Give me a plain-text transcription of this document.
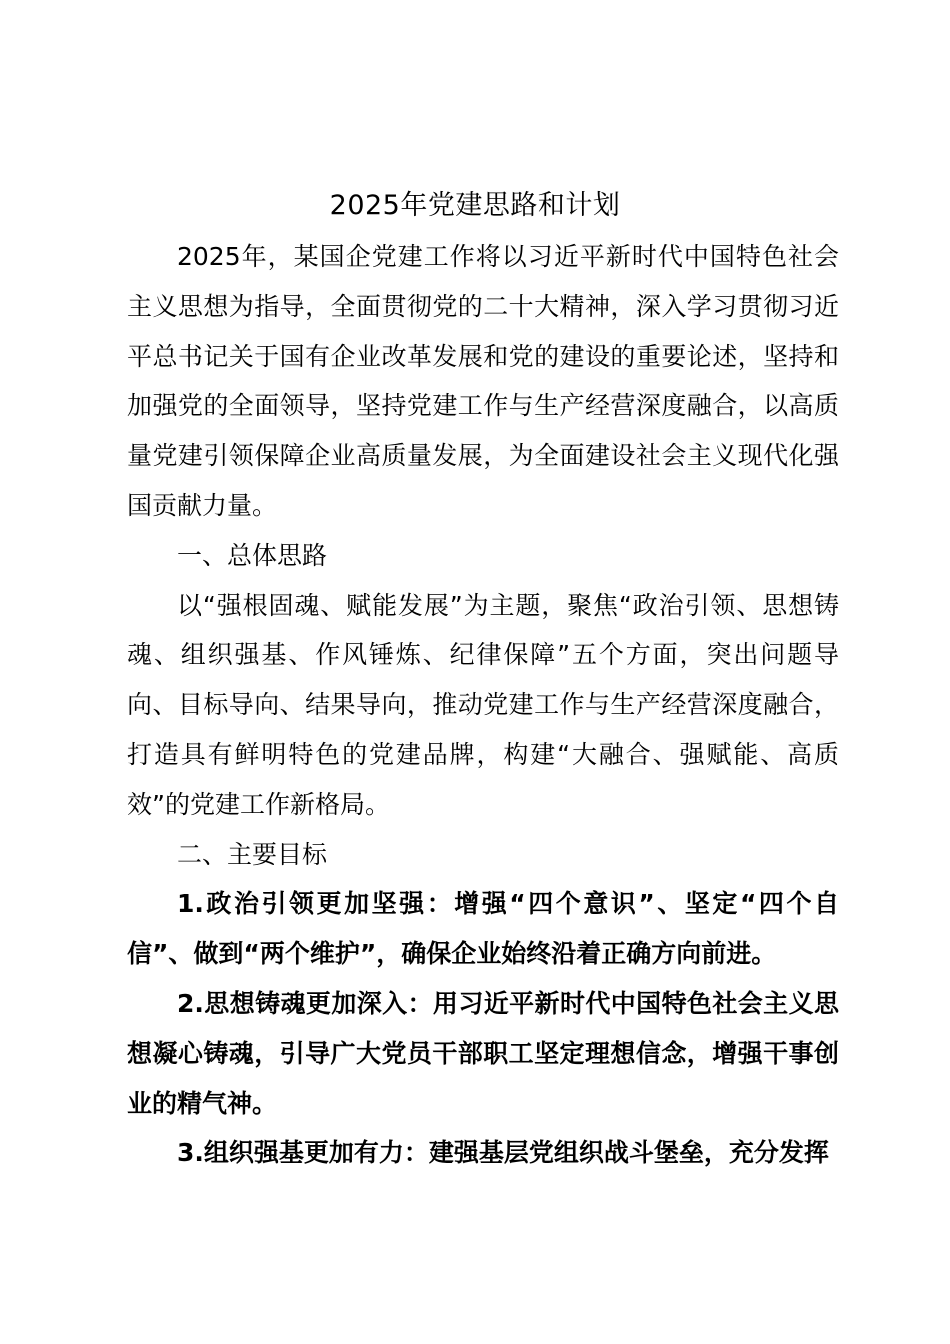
2025年党建思路和计划

2025年，某国企党建工作将以习近平新时代中国特色社会主义思想为指导，全面贯彻党的二十大精神，深入学习贯彻习近平总书记关于国有企业改革发展和党的建设的重要论述，坚持和加强党的全面领导，坚持党建工作与生产经营深度融合，以高质量党建引领保障企业高质量发展，为全面建设社会主义现代化强国贡献力量。

一、总体思路

以“强根固魂、赋能发展”为主题，聚焦“政治引领、思想铸魂、组织强基、作风锤炼、纪律保障”五个方面，突出问题导向、目标导向、结果导向，推动党建工作与生产经营深度融合，打造具有鲜明特色的党建品牌，构建“大融合、强赋能、高质效”的党建工作新格局。

二、主要目标

1.政治引领更加坚强：增强“四个意识”、坚定“四个自信”、做到“两个维护”，确保企业始终沿着正确方向前进。

2.思想铸魂更加深入：用习近平新时代中国特色社会主义思想凝心铸魂，引导广大党员干部职工坚定理想信念，增强干事创业的精气神。

3.组织强基更加有力：建强基层党组织战斗堡垒，充分发挥
